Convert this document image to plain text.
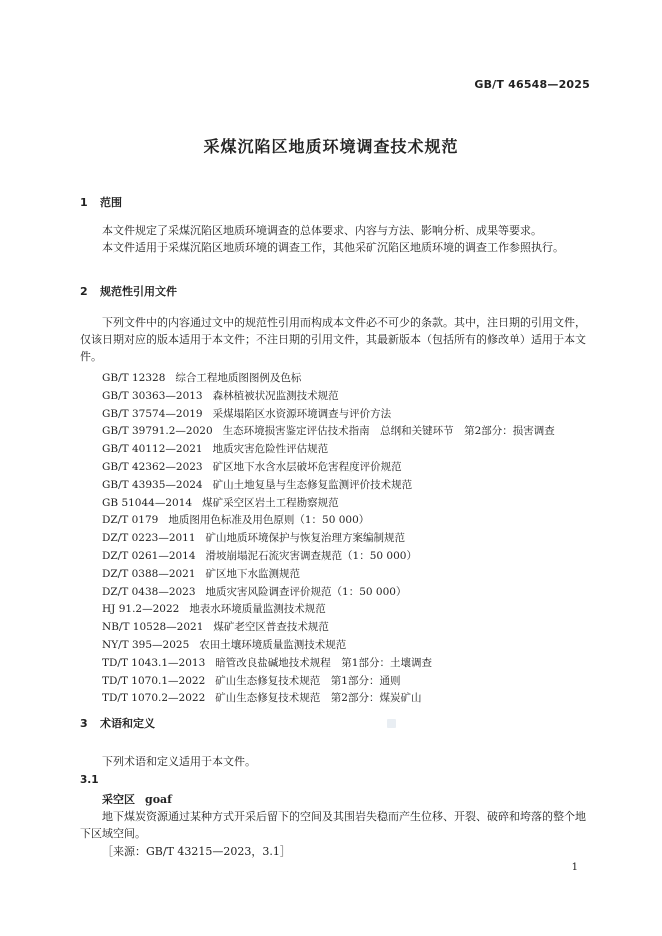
GB/T 46548—2025
采煤沉陷区地质环境调查技术规范
1 范围
本文件规定了采煤沉陷区地质环境调查的总体要求、内容与方法、影响分析、成果等要求。
本文件适用于采煤沉陷区地质环境的调查工作，其他采矿沉陷区地质环境的调查工作参照执行。
2 规范性引用文件
下列文件中的内容通过文中的规范性引用而构成本文件必不可少的条款。其中，注日期的引用文件，仅该日期对应的版本适用于本文件；不注日期的引用文件，其最新版本（包括所有的修改单）适用于本文件。
GB/T 12328 综合工程地质图图例及色标
GB/T 30363—2013 森林植被状况监测技术规范
GB/T 37574—2019 采煤塌陷区水资源环境调查与评价方法
GB/T 39791.2—2020 生态环境损害鉴定评估技术指南　总纲和关键环节　第2部分：损害调查
GB/T 40112—2021 地质灾害危险性评估规范
GB/T 42362—2023 矿区地下水含水层破坏危害程度评价规范
GB/T 43935—2024 矿山土地复垦与生态修复监测评价技术规范
GB 51044—2014 煤矿采空区岩土工程勘察规范
DZ/T 0179 地质图用色标准及用色原则（1：50 000）
DZ/T 0223—2011 矿山地质环境保护与恢复治理方案编制规范
DZ/T 0261—2014 滑坡崩塌泥石流灾害调查规范（1：50 000）
DZ/T 0388—2021 矿区地下水监测规范
DZ/T 0438—2023 地质灾害风险调查评价规范（1：50 000）
HJ 91.2—2022 地表水环境质量监测技术规范
NB/T 10528—2021 煤矿老空区普查技术规范
NY/T 395—2025 农田土壤环境质量监测技术规范
TD/T 1043.1—2013 暗管改良盐碱地技术规程　第1部分：土壤调查
TD/T 1070.1—2022 矿山生态修复技术规范　第1部分：通则
TD/T 1070.2—2022 矿山生态修复技术规范　第2部分：煤炭矿山
3 术语和定义
下列术语和定义适用于本文件。
3.1
采空区 goaf
地下煤炭资源通过某种方式开采后留下的空间及其围岩失稳而产生位移、开裂、破碎和垮落的整个地下区域空间。
［来源：GB/T 43215—2023，3.1］
1
